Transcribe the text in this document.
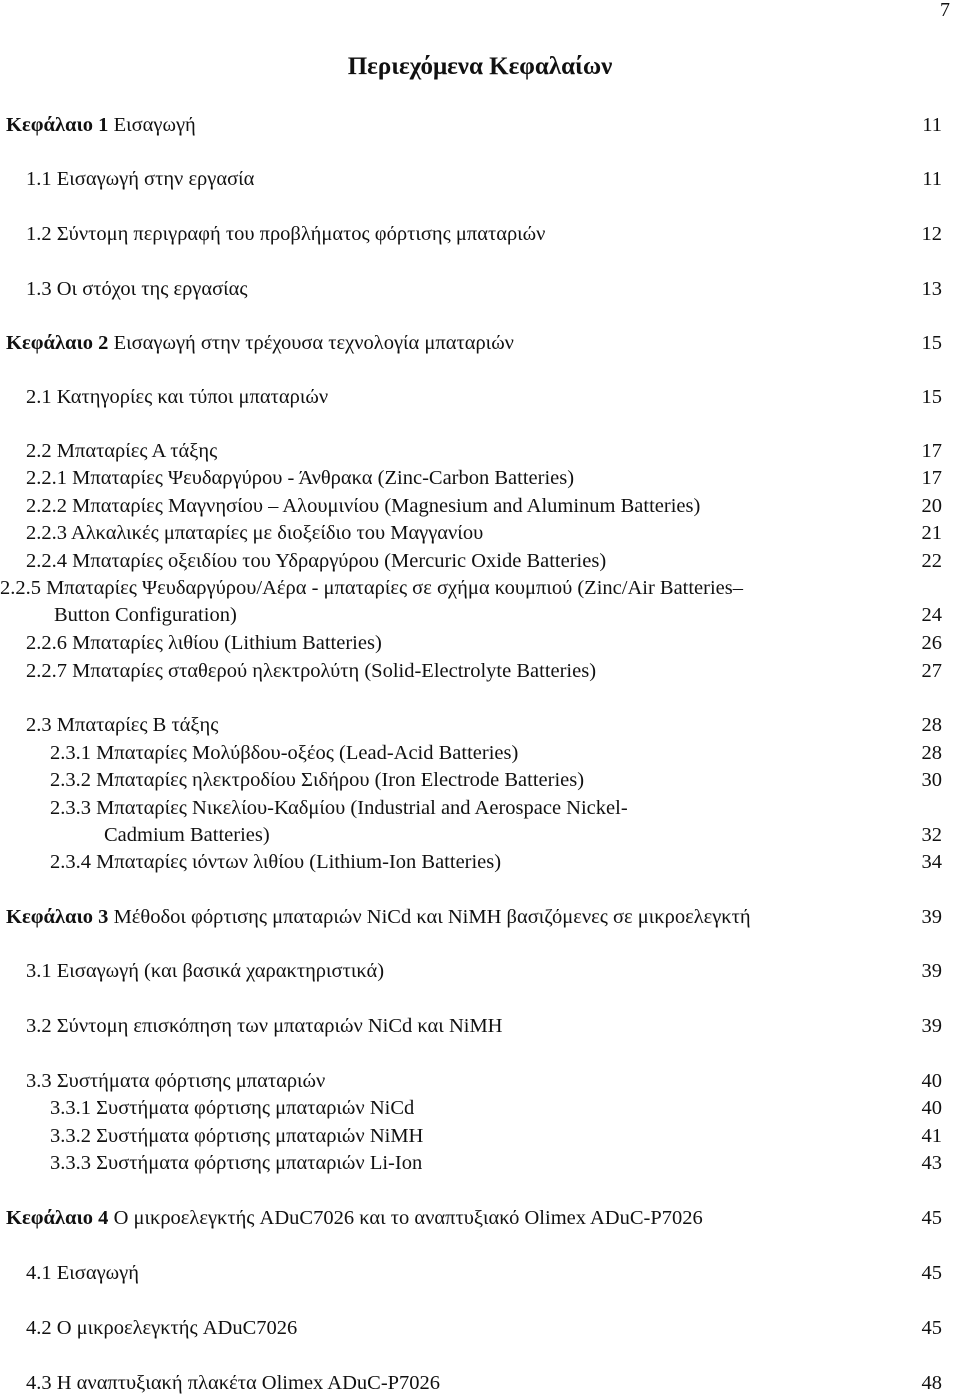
7
Περιεχόμενα Κεφαλαίων
Κεφάλαιο 1 Εισαγωγή	11
1.1 Εισαγωγή στην εργασία	11
1.2 Σύντομη περιγραφή του προβλήματος φόρτισης μπαταριών	12
1.3 Οι στόχοι της εργασίας	13
Κεφάλαιο 2 Εισαγωγή στην τρέχουσα τεχνολογία μπαταριών	15
2.1 Κατηγορίες και τύποι μπαταριών	15
2.2 Μπαταρίες Α τάξης	17
2.2.1 Μπαταρίες Ψευδαργύρου - Άνθρακα (Zinc-Carbon Batteries)	17
2.2.2 Μπαταρίες Μαγνησίου – Αλουμινίου (Magnesium and Aluminum Batteries)	20
2.2.3 Αλκαλικές μπαταρίες με διοξείδιο του Μαγγανίου	21
2.2.4 Μπαταρίες οξειδίου του Υδραργύρου (Mercuric Oxide Batteries)	22
2.2.5 Μπαταρίες Ψευδαργύρου/Αέρα - μπαταρίες σε σχήμα κουμπιού (Zinc/Air Batteries–
Button Configuration)	24
2.2.6 Μπαταρίες λιθίου (Lithium Batteries)	26
2.2.7 Μπαταρίες σταθερού ηλεκτρολύτη (Solid-Electrolyte Batteries)	27
2.3 Μπαταρίες Β τάξης	28
2.3.1 Μπαταρίες Μολύβδου-οξέος (Lead-Acid Batteries)	28
2.3.2 Μπαταρίες ηλεκτροδίου Σιδήρου (Iron Electrode Batteries)	30
2.3.3 Μπαταρίες Νικελίου-Καδμίου (Industrial and Aerospace Nickel-
Cadmium Batteries)	32
2.3.4 Μπαταρίες ιόντων λιθίου (Lithium-Ion Batteries)	34
Κεφάλαιο 3 Μέθοδοι φόρτισης μπαταριών NiCd και NiMH βασιζόμενες σε μικροελεγκτή	39
3.1 Εισαγωγή (και βασικά χαρακτηριστικά)	39
3.2 Σύντομη επισκόπηση των μπαταριών NiCd και NiMH	39
3.3 Συστήματα φόρτισης μπαταριών	40
3.3.1 Συστήματα φόρτισης μπαταριών NiCd	40
3.3.2 Συστήματα φόρτισης μπαταριών NiMH	41
3.3.3 Συστήματα φόρτισης μπαταριών Li-Ion	43
Κεφάλαιο 4 Ο μικροελεγκτής ADuC7026 και το αναπτυξιακό Olimex ADuC-P7026	45
4.1 Εισαγωγή	45
4.2 Ο μικροελεγκτής ADuC7026	45
4.3 Η αναπτυξιακή πλακέτα Olimex ADuC-P7026	48
